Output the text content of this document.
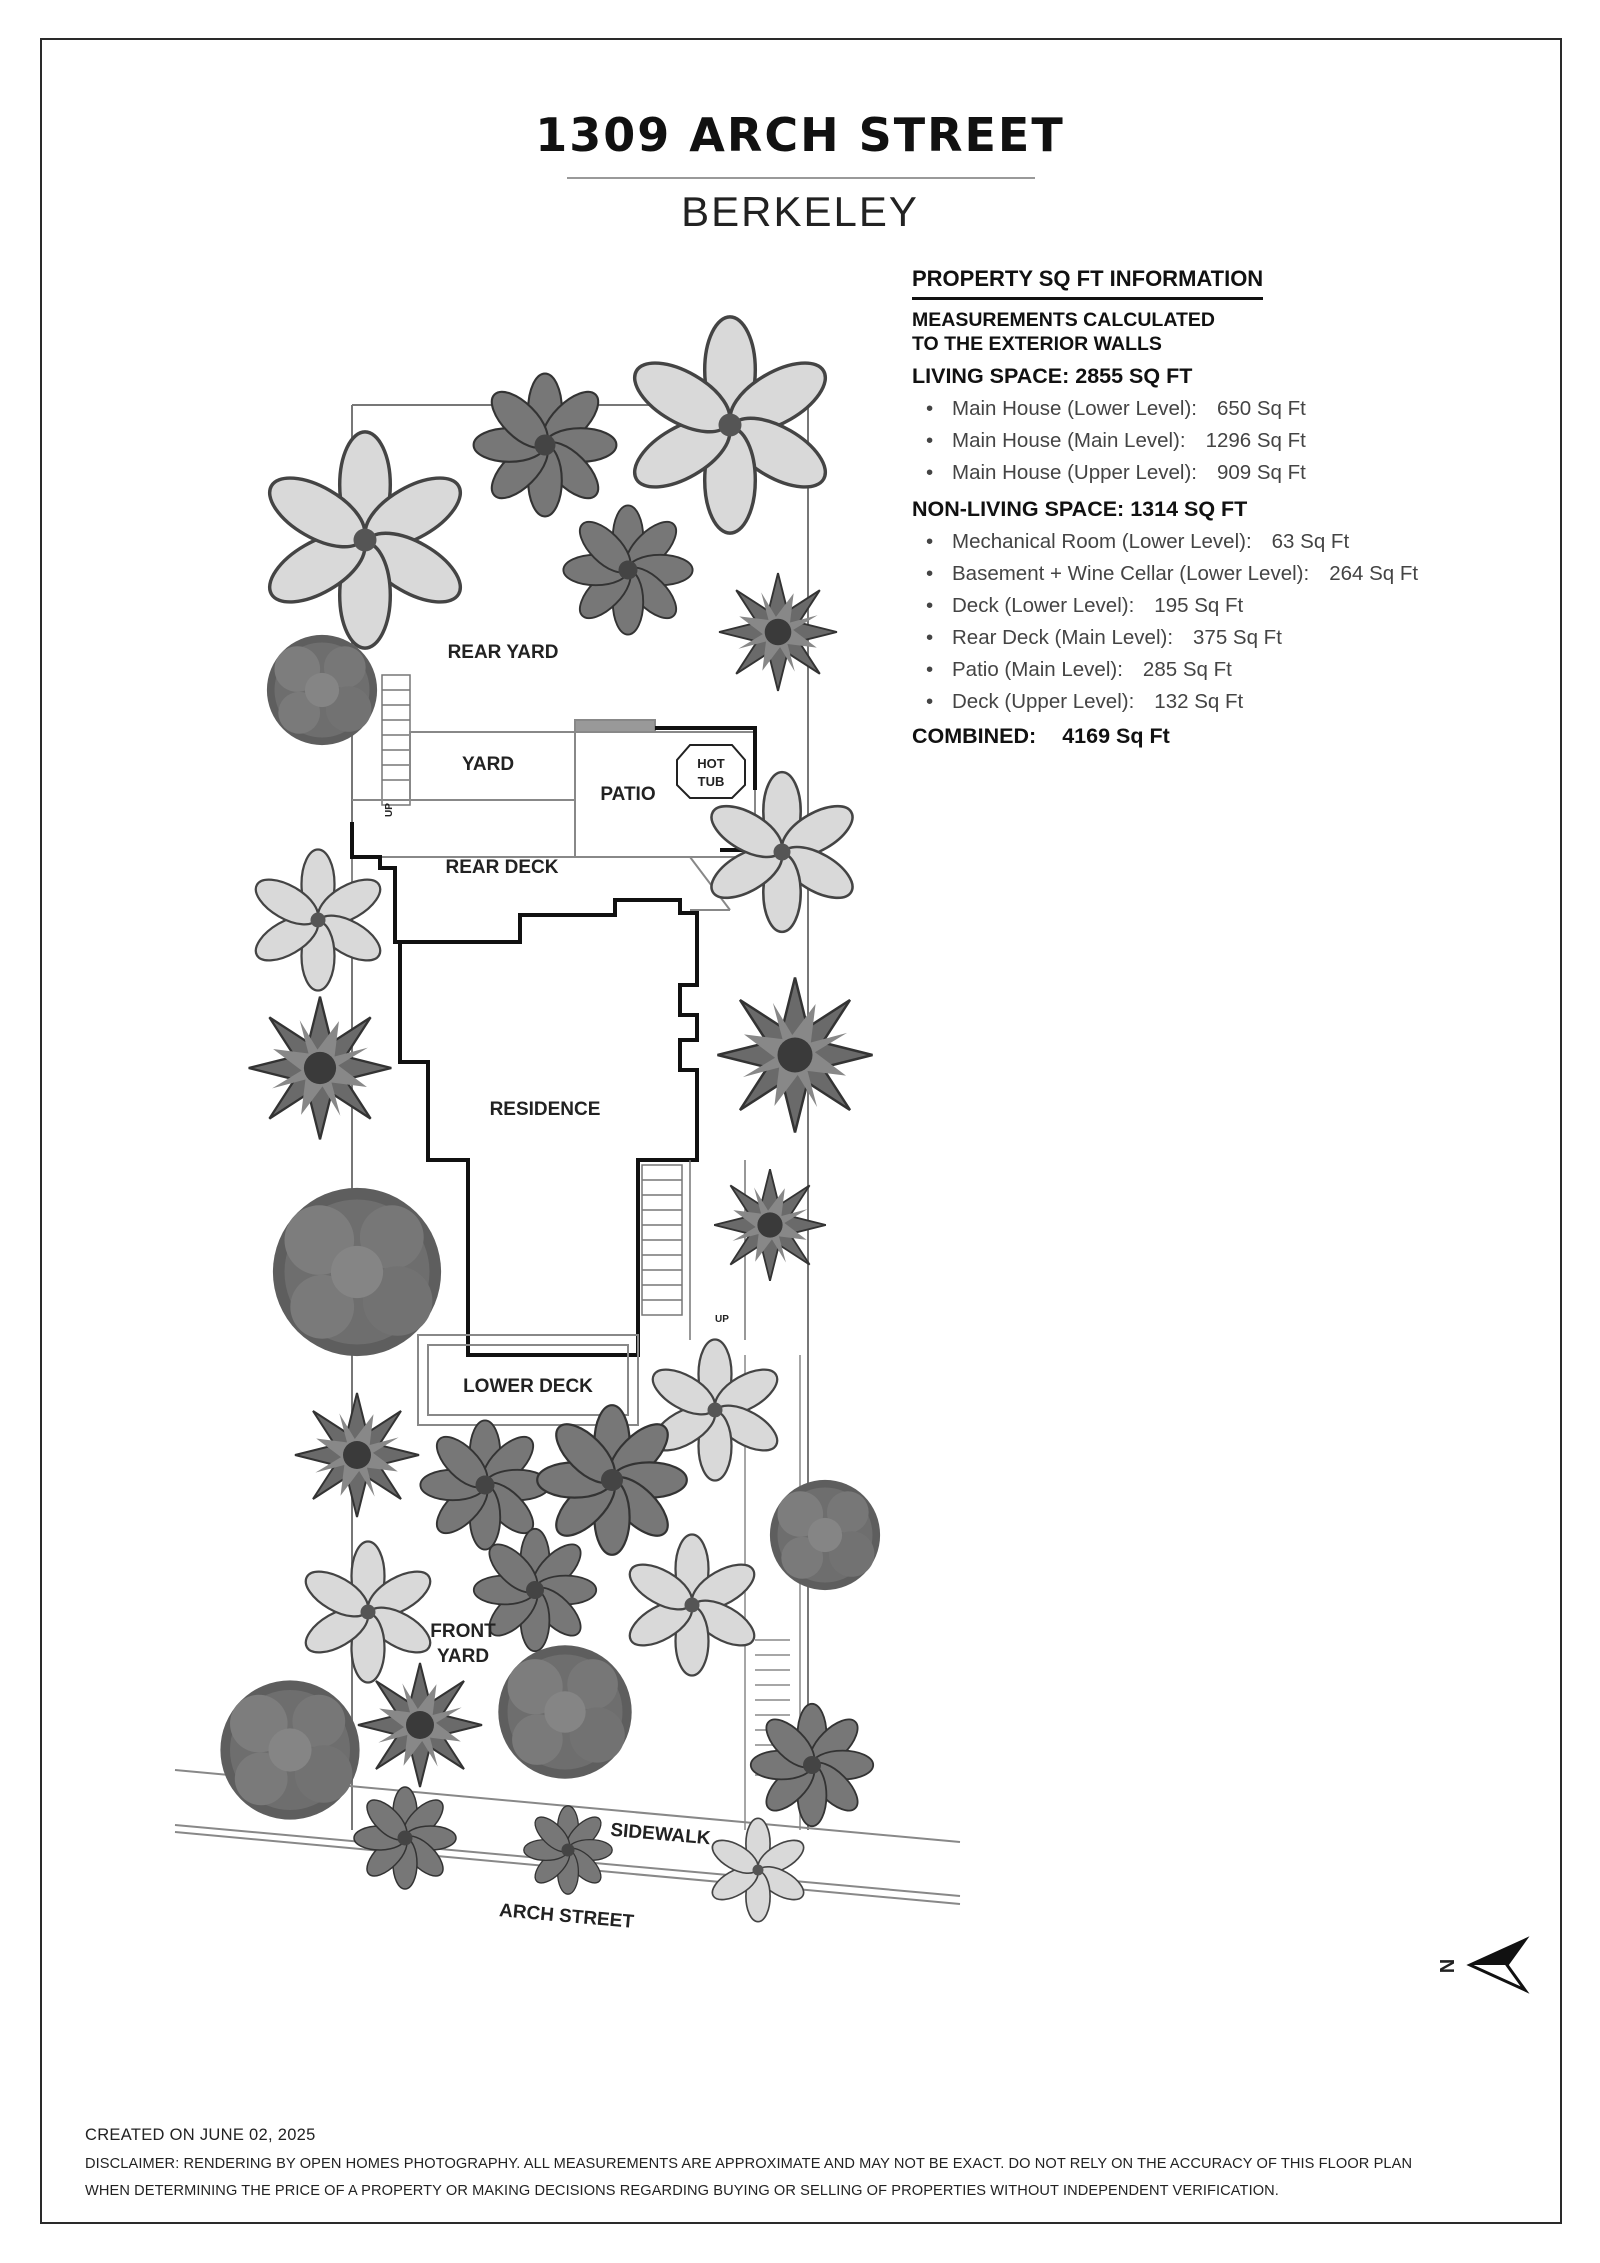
1309 ARCH STREET
BERKELEY
PROPERTY SQ FT INFORMATION
MEASUREMENTS CALCULATED
TO THE EXTERIOR WALLS
LIVING SPACE: 2855 SQ FT
• Main House (Lower Level): 650 Sq Ft
• Main House (Main Level): 1296 Sq Ft
• Main House (Upper Level): 909 Sq Ft
NON-LIVING SPACE: 1314 SQ FT
• Mechanical Room (Lower Level): 63 Sq Ft
• Basement + Wine Cellar (Lower Level): 264 Sq Ft
• Deck (Lower Level): 195 Sq Ft
• Rear Deck (Main Level): 375 Sq Ft
• Patio (Main Level): 285 Sq Ft
• Deck (Upper Level): 132 Sq Ft
COMBINED: 4169 Sq Ft
REAR YARD
YARD
PATIO
HOT
TUB
REAR DECK
RESIDENCE
LOWER DECK
FRONT
YARD
SIDEWALK
ARCH STREET
UP
UP
N
CREATED ON JUNE 02, 2025
DISCLAIMER: RENDERING BY OPEN HOMES PHOTOGRAPHY. ALL MEASUREMENTS ARE APPROXIMATE AND MAY NOT BE EXACT. DO NOT RELY ON THE ACCURACY OF THIS FLOOR PLAN
WHEN DETERMINING THE PRICE OF A PROPERTY OR MAKING DECISIONS REGARDING BUYING OR SELLING OF PROPERTIES WITHOUT INDEPENDENT VERIFICATION.
